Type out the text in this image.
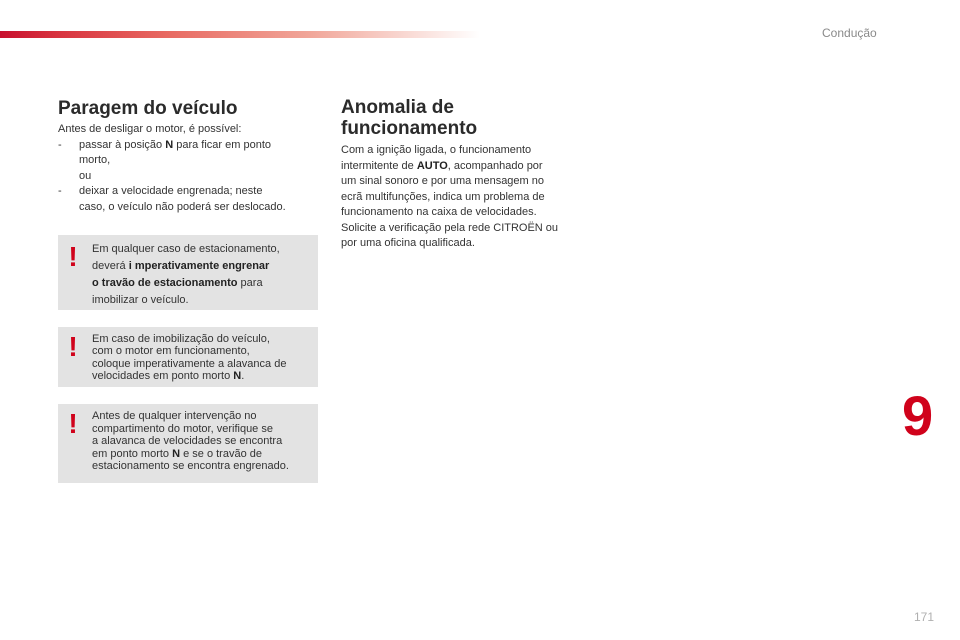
Condução
Paragem do veículo
Antes de desligar o motor, é possível:
-	passar à posição N para ficar em ponto
morto,
ou
-	deixar a velocidade engrenada; neste
caso, o veículo não poderá ser deslocado.
! Em qualquer caso de estacionamento,
deverá i mperativamente engrenar
o travão de estacionamento para
imobilizar o veículo.
! Em caso de imobilização do veículo,
com o motor em funcionamento,
coloque imperativamente a alavanca de
velocidades em ponto morto N.
! Antes de qualquer intervenção no
compartimento do motor, verifique se
a alavanca de velocidades se encontra
em ponto morto N e se o travão de
estacionamento se encontra engrenado.
Anomalia de
funcionamento
Com a ignição ligada, o funcionamento
intermitente de AUTO, acompanhado por
um sinal sonoro e por uma mensagem no
ecrã multifunções, indica um problema de
funcionamento na caixa de velocidades.
Solicite a verificação pela rede CITROËN ou
por uma oficina qualificada.
9
171
